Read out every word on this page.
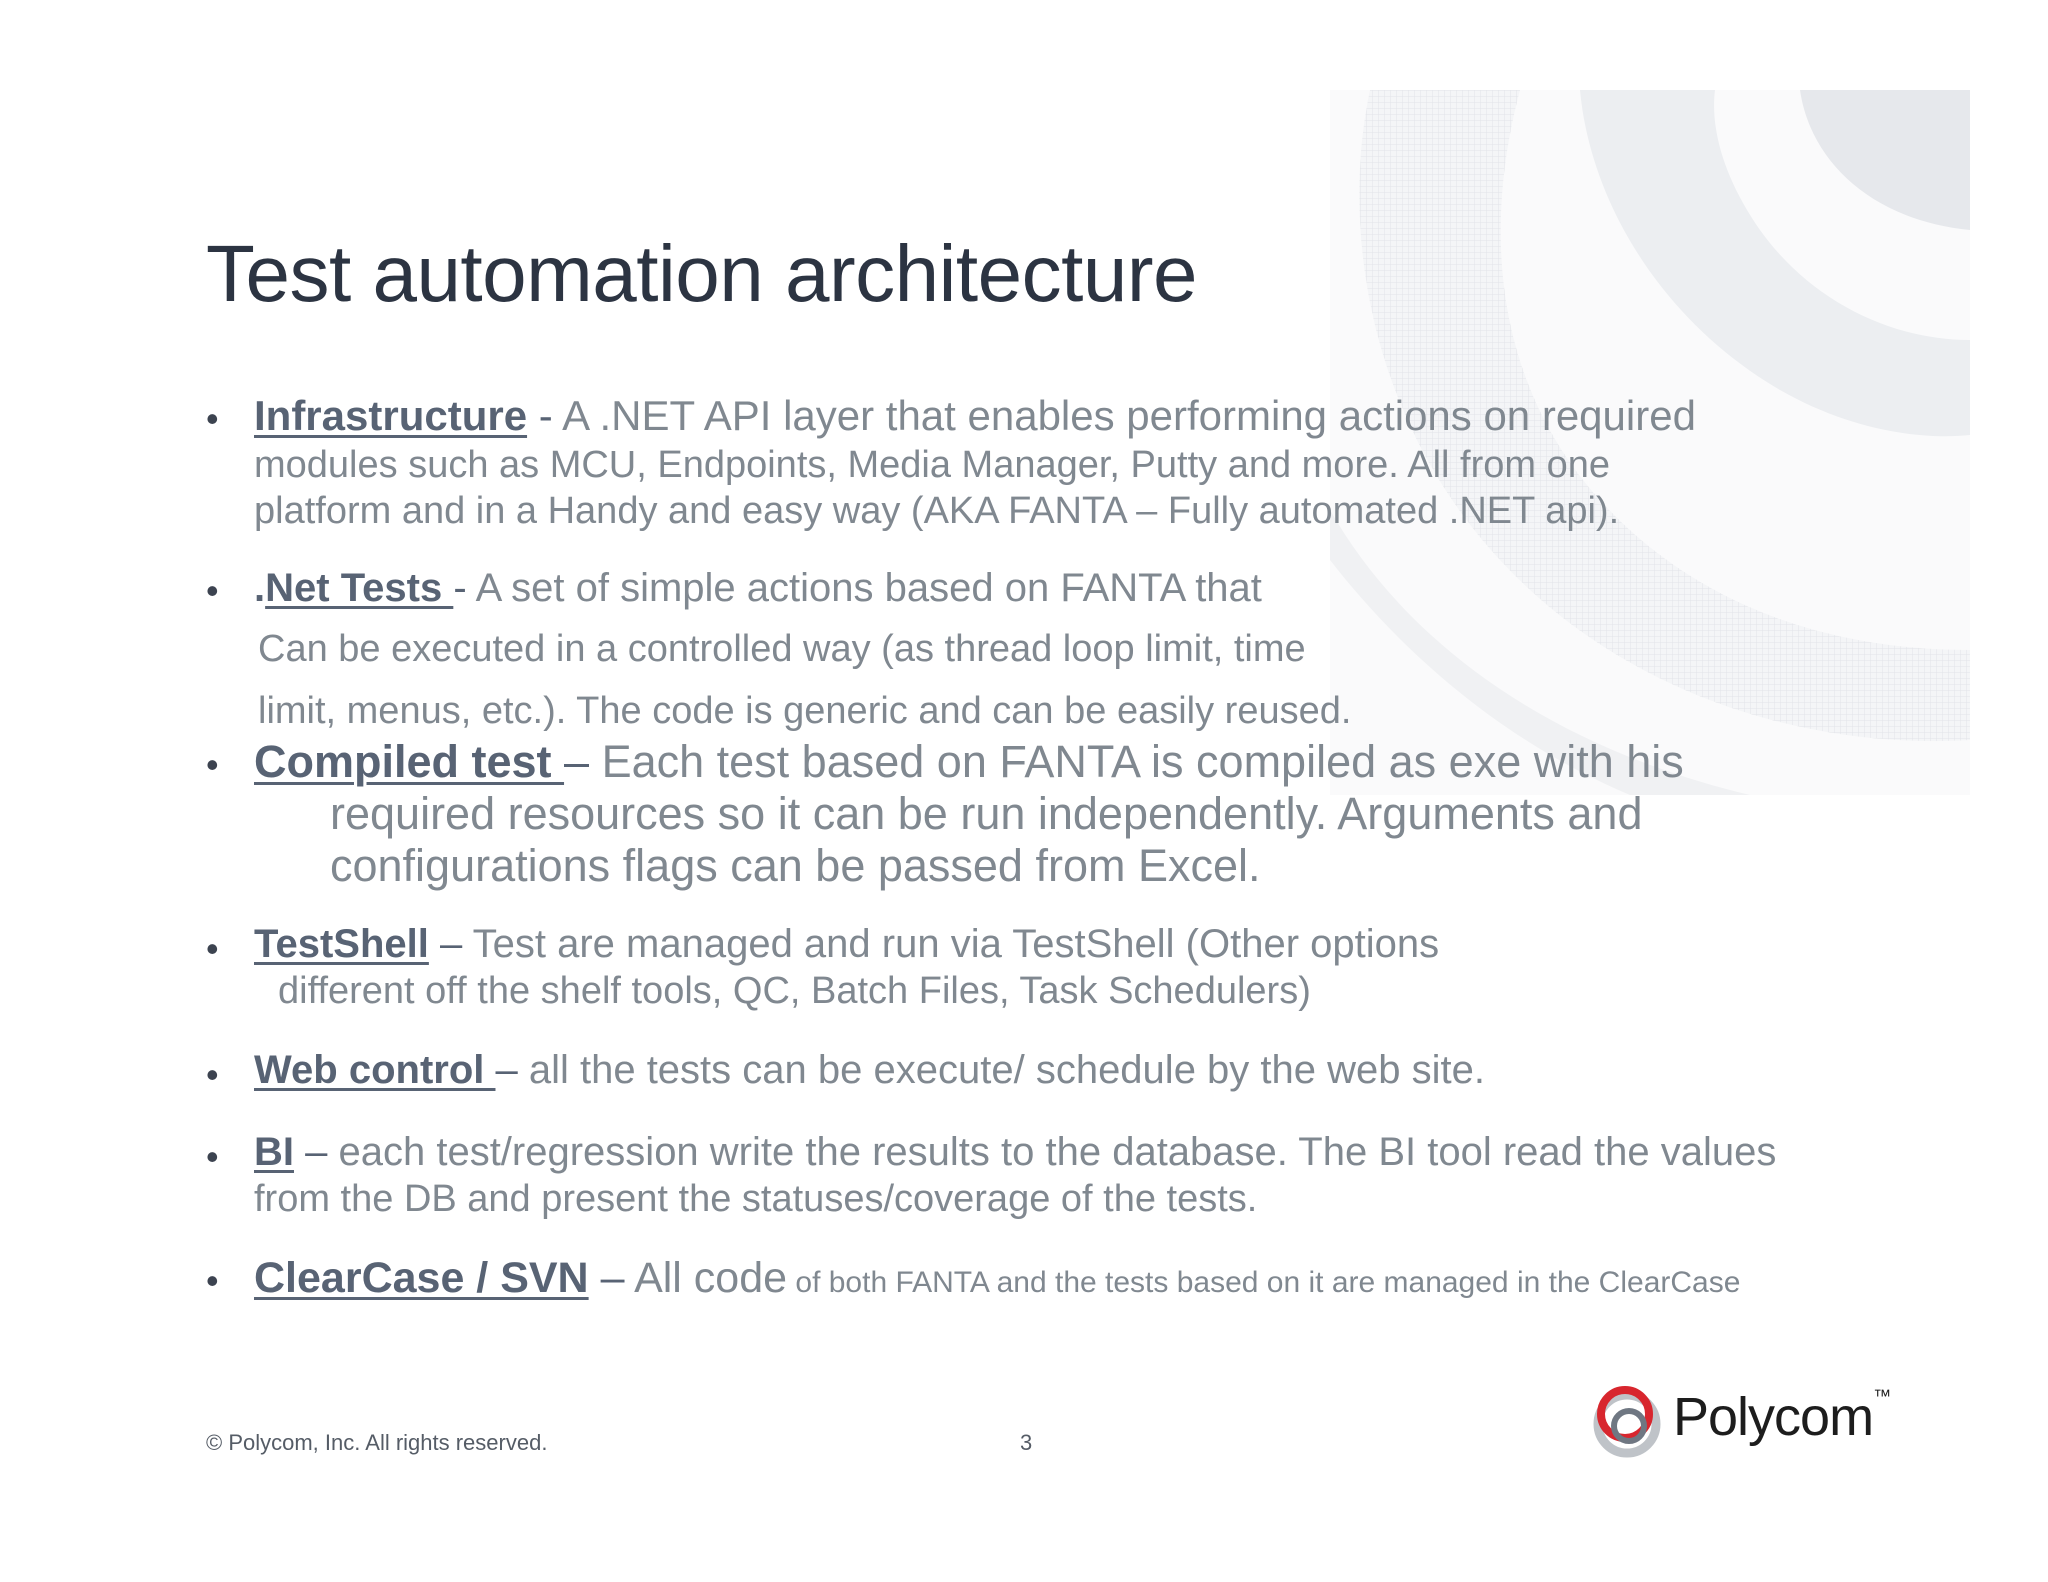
Test automation architecture
• Infrastructure - A .NET API layer that enables performing actions on required
modules such as MCU, Endpoints, Media Manager, Putty and more. All from one
platform and in a Handy and easy way (AKA FANTA – Fully automated .NET api).
• .Net Tests - A set of simple actions based on FANTA that
Can be executed in a controlled way (as thread loop limit, time
limit, menus, etc.). The code is generic and can be easily reused.
• Compiled test – Each test based on FANTA is compiled as exe with his
required resources so it can be run independently. Arguments and
configurations flags can be passed from Excel.
• TestShell – Test are managed and run via TestShell (Other options
different off the shelf tools, QC, Batch Files, Task Schedulers)
• Web control – all the tests can be execute/ schedule by the web site.
• BI – each test/regression write the results to the database. The BI tool read the values
from the DB and present the statuses/coverage of the tests.
• ClearCase / SVN – All code of both FANTA and the tests based on it are managed in the ClearCase
© Polycom, Inc. All rights reserved.	3	Polycom™
